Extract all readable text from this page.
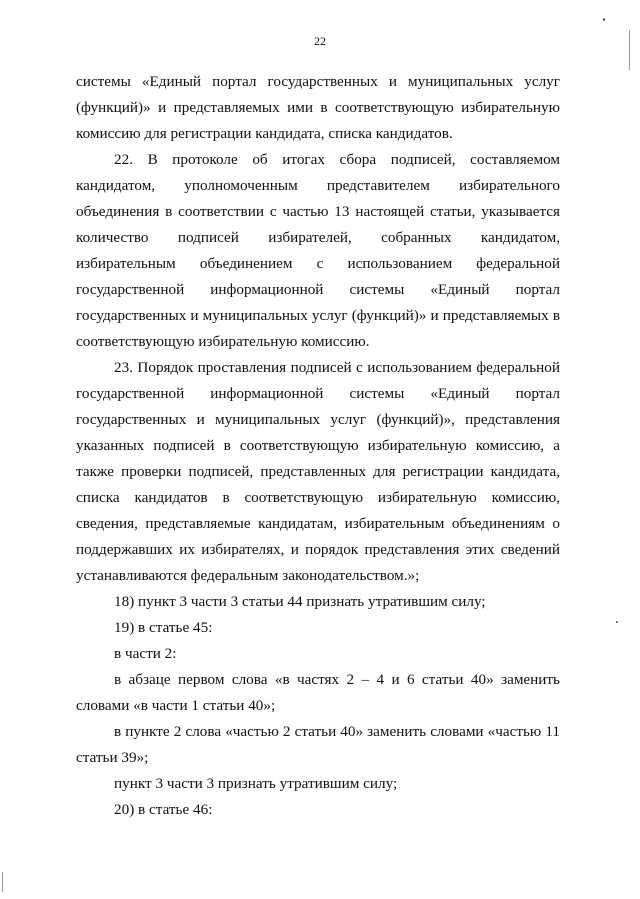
22

системы «Единый портал государственных и муниципальных услуг (функций)» и представляемых ими в соответствующую избирательную комиссию для регистрации кандидата, списка кандидатов.

22. В протоколе об итогах сбора подписей, составляемом кандидатом, уполномоченным представителем избирательного объединения в соответствии с частью 13 настоящей статьи, указывается количество подписей избирателей, собранных кандидатом, избирательным объединением с использованием федеральной государственной информационной системы «Единый портал государственных и муниципальных услуг (функций)» и представляемых в соответствующую избирательную комиссию.

23. Порядок проставления подписей с использованием федеральной государственной информационной системы «Единый портал государственных и муниципальных услуг (функций)», представления указанных подписей в соответствующую избирательную комиссию, а также проверки подписей, представленных для регистрации кандидата, списка кандидатов в соответствующую избирательную комиссию, сведения, представляемые кандидатам, избирательным объединениям о поддержавших их избирателях, и порядок представления этих сведений устанавливаются федеральным законодательством.»;

18) пункт 3 части 3 статьи 44 признать утратившим силу;

19) в статье 45:

в части 2:

в абзаце первом слова «в частях 2 – 4 и 6 статьи 40» заменить словами «в части 1 статьи 40»;

в пункте 2 слова «частью 2 статьи 40» заменить словами «частью 11 статьи 39»;

пункт 3 части 3 признать утратившим силу;

20) в статье 46:
